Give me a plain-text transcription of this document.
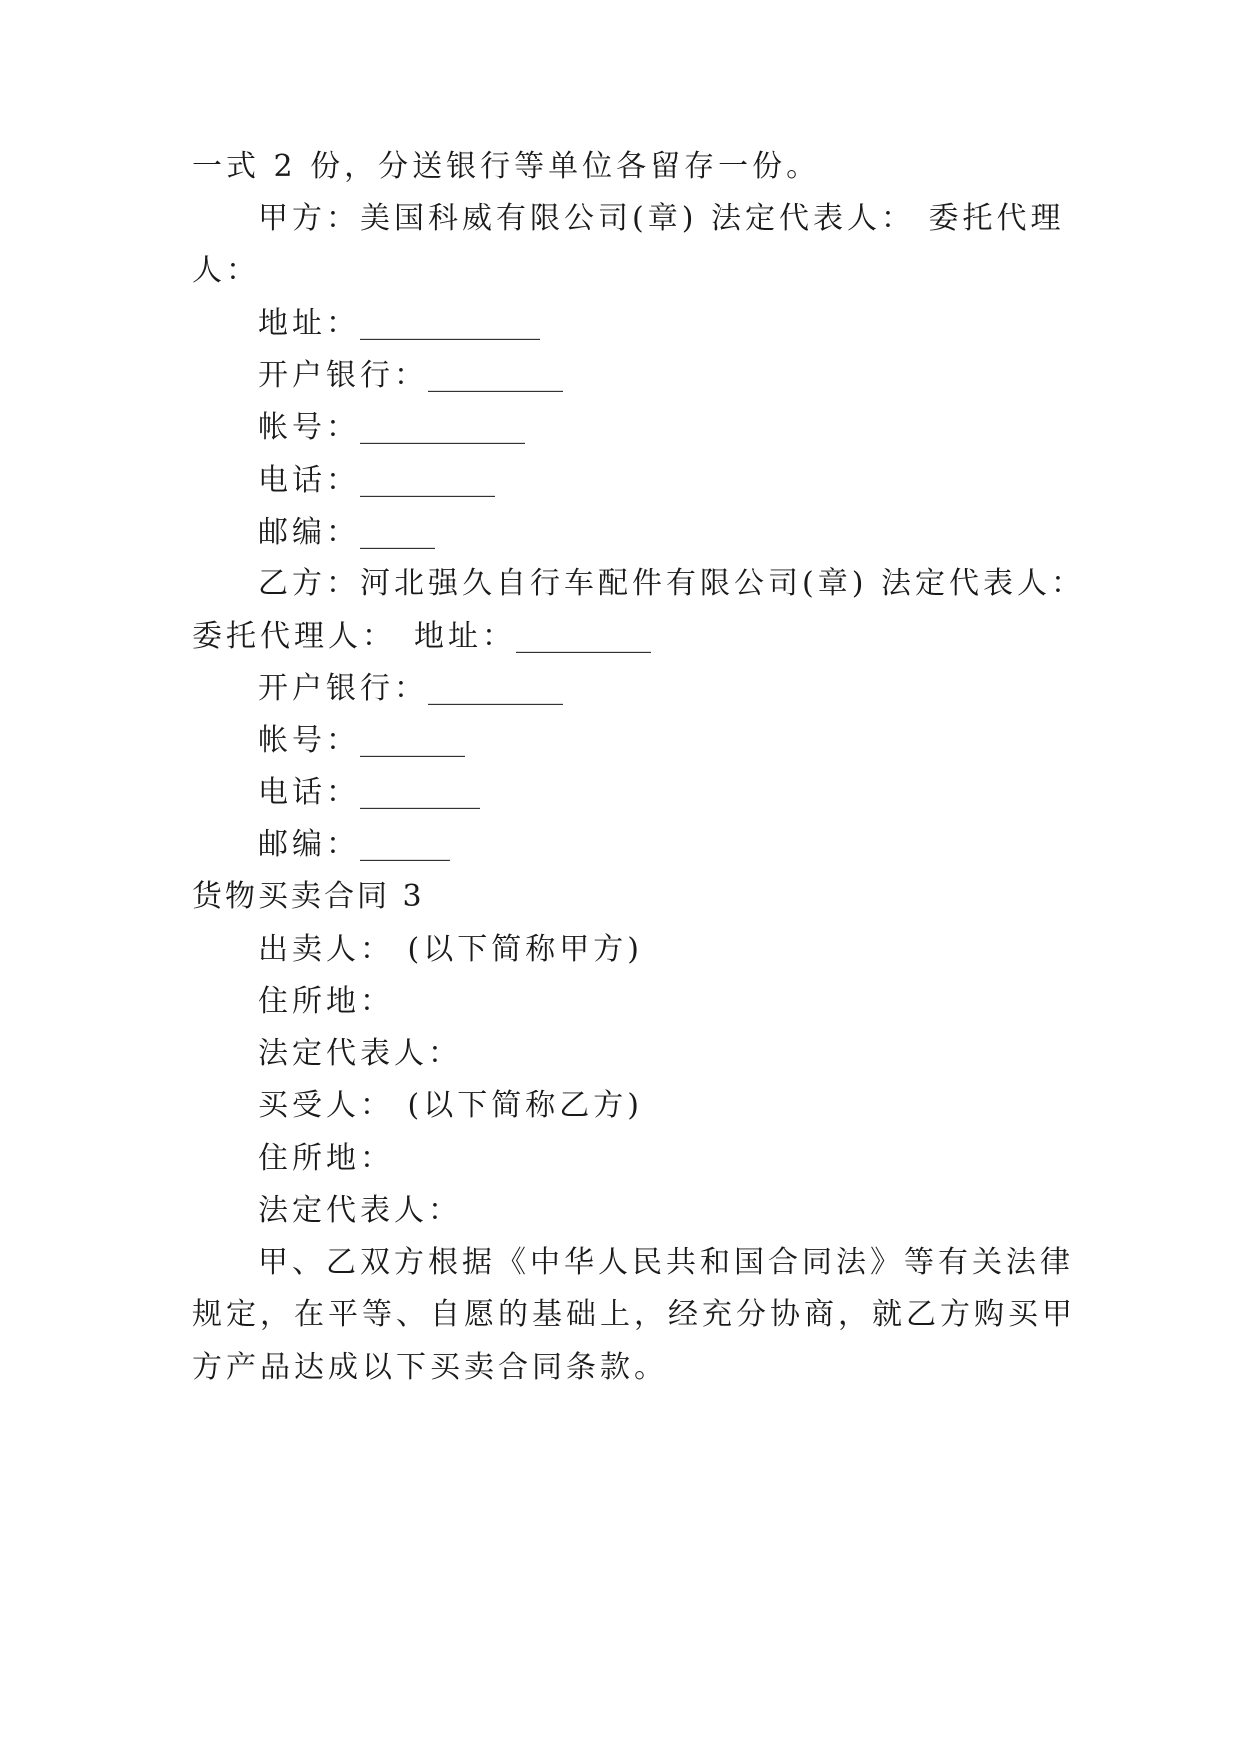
一式 2 份，分送银行等单位各留存一份。
甲方：美国科威有限公司(章) 法定代表人： 委托代理
人：
地址：____________
开户银行：_________
帐号：___________
电话：_________
邮编：_____
乙方：河北强久自行车配件有限公司(章) 法定代表人：
委托代理人： 地址：_________
开户银行：_________
帐号：_______
电话：________
邮编：______
货物买卖合同 3
出卖人： (以下简称甲方)
住所地：
法定代表人：
买受人： (以下简称乙方)
住所地：
法定代表人：
甲、乙双方根据《中华人民共和国合同法》等有关法律
规定，在平等、自愿的基础上，经充分协商，就乙方购买甲
方产品达成以下买卖合同条款。
